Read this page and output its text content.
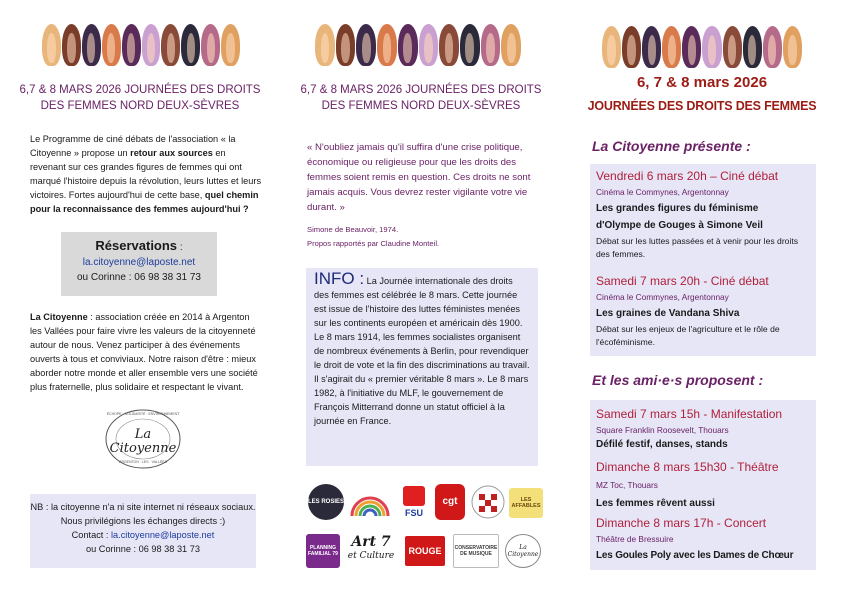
6,7 & 8 MARS 2026 JOURNÉES DES DROITS
DES FEMMES NORD DEUX-SÈVRES
Le Programme de ciné débats de l'association « la Citoyenne » propose un retour aux sources en revenant sur ces grandes figures de femmes qui ont marqué l'histoire depuis la révolution, leurs luttes et leurs victoires. Fortes aujourd'hui de cette base, quel chemin pour la reconnaissance des femmes aujourd'hui ?
Réservations :
la.citoyenne@laposte.net
ou Corinne : 06 98 38 31 73
La Citoyenne : association créée en 2014 à Argenton les Vallées pour faire vivre les valeurs de la citoyenneté autour de nous. Venez participer à des événements ouverts à tous et conviviaux. Notre raison d'être : mieux aborder notre monde et aller ensemble vers une société plus fraternelle, plus solidaire et respectant le vivant.
La Citoyenne
ÉCHOPE · SOLIDARITÉ · ENVIRONNEMENT
ARGENTON · LES · VALLÉES
NB : la citoyenne n'a ni site internet ni réseaux sociaux.
Nous privilégions les échanges directs :)
Contact : la.citoyenne@laposte.net
ou Corinne : 06 98 38 31 73
6,7 & 8 MARS 2026 JOURNÉES DES DROITS
DES FEMMES NORD DEUX-SÈVRES
« N'oubliez jamais qu'il suffira d'une crise politique, économique ou religieuse pour que les droits des femmes soient remis en question. Ces droits ne sont jamais acquis. Vous devrez rester vigilante votre vie durant. »
Simone de Beauvoir, 1974.
Propos rapportés par Claudine Monteil.
INFO : La Journée internationale des droits des femmes est célébrée le 8 mars. Cette journée est issue de l'histoire des luttes féministes menées sur les continents européen et américain dès 1900. Le 8 mars 1914, les femmes socialistes organisent de nombreux événements à Berlin, pour revendiquer le droit de vote et la fin des discriminations au travail. Il s'agirait du « premier véritable 8 mars ». Le 8 mars 1982, à l'initiative du MLF, le gouvernement de François Mitterrand donne un statut officiel à la journée en France.
LES ROSIES
FSU
cgt	LES AFFABLES
PLANNING FAMILIAL 79
Art 7
et Culture	ROUGE	CONSERVATOIRE DE MUSIQUE
La Citoyenne
6, 7 & 8 mars 2026
JOURNÉES DES DROITS DES FEMMES
La Citoyenne présente :
Vendredi 6 mars 20h – Ciné débat
Cinéma le Commynes, Argentonnay
Les grandes figures du féminisme
d'Olympe de Gouges à Simone Veil
Débat sur les luttes passées et à venir pour les droits des femmes.
Samedi 7 mars 20h - Ciné débat
Cinéma le Commynes, Argentonnay
Les graines de Vandana Shiva
Débat sur les enjeux de l'agriculture et le rôle de l'écoféminisme.
Et les ami·e·s proposent :
Samedi 7 mars 15h - Manifestation
Square Franklin Roosevelt, Thouars
Défilé festif, danses, stands
Dimanche 8 mars 15h30 - Théâtre
MZ Toc, Thouars
Les femmes rêvent aussi
Dimanche 8 mars 17h - Concert
Théâtre de Bressuire
Les Goules Poly avec les Dames de Chœur
